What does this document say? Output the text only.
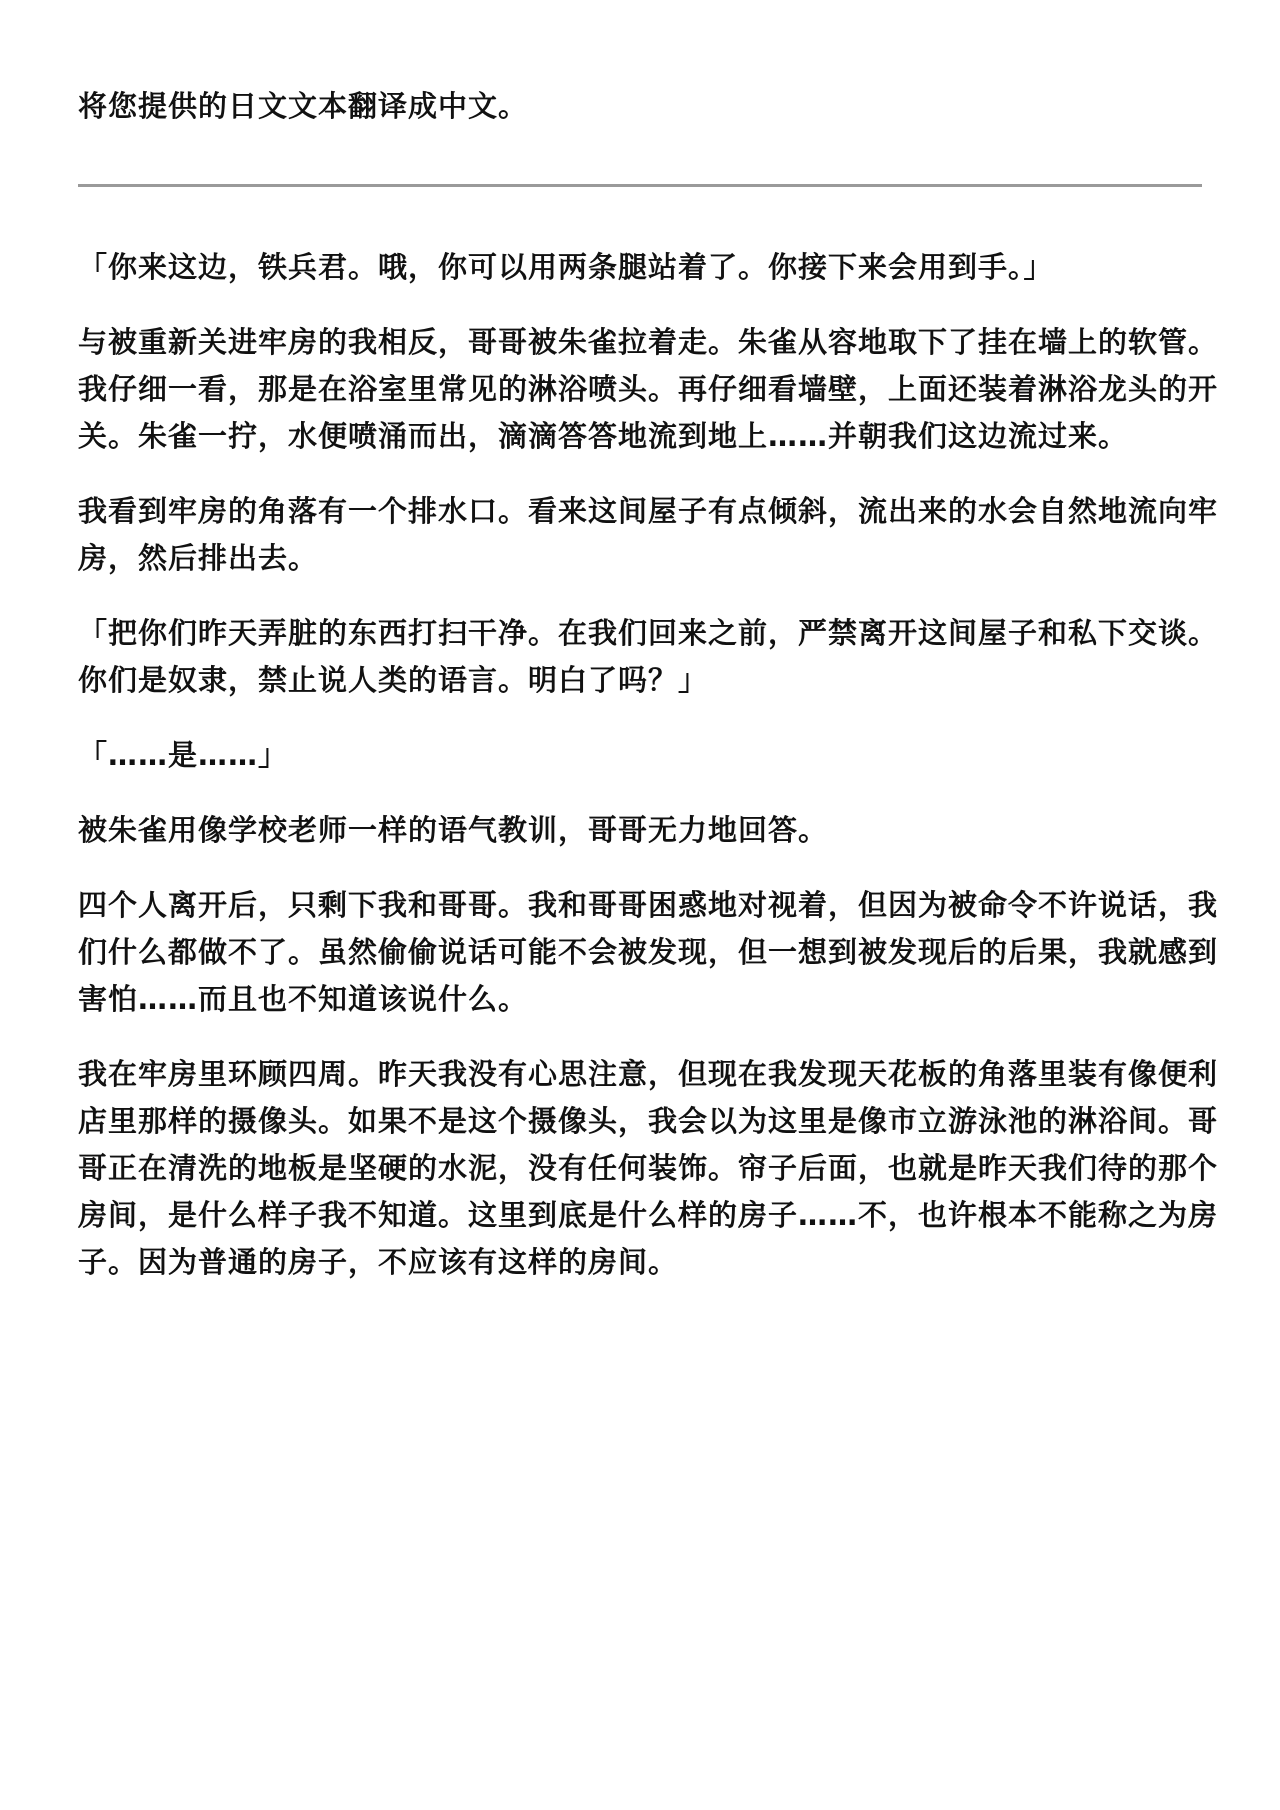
将您提供的日文文本翻译成中文。

「你来这边，铁兵君。哦，你可以用两条腿站着了。你接下来会用到手。」

与被重新关进牢房的我相反，哥哥被朱雀拉着走。朱雀从容地取下了挂在墙上的软管。我仔细一看，那是在浴室里常见的淋浴喷头。再仔细看墙壁，上面还装着淋浴龙头的开关。朱雀一拧，水便喷涌而出，滴滴答答地流到地上……并朝我们这边流过来。

我看到牢房的角落有一个排水口。看来这间屋子有点倾斜，流出来的水会自然地流向牢房，然后排出去。

「把你们昨天弄脏的东西打扫干净。在我们回来之前，严禁离开这间屋子和私下交谈。你们是奴隶，禁止说人类的语言。明白了吗？」

「……是……」

被朱雀用像学校老师一样的语气教训，哥哥无力地回答。

四个人离开后，只剩下我和哥哥。我和哥哥困惑地对视着，但因为被命令不许说话，我们什么都做不了。虽然偷偷说话可能不会被发现，但一想到被发现后的后果，我就感到害怕……而且也不知道该说什么。

我在牢房里环顾四周。昨天我没有心思注意，但现在我发现天花板的角落里装有像便利店里那样的摄像头。如果不是这个摄像头，我会以为这里是像市立游泳池的淋浴间。哥哥正在清洗的地板是坚硬的水泥，没有任何装饰。帘子后面，也就是昨天我们待的那个房间，是什么样子我不知道。这里到底是什么样的房子……不，也许根本不能称之为房子。因为普通的房子，不应该有这样的房间。
